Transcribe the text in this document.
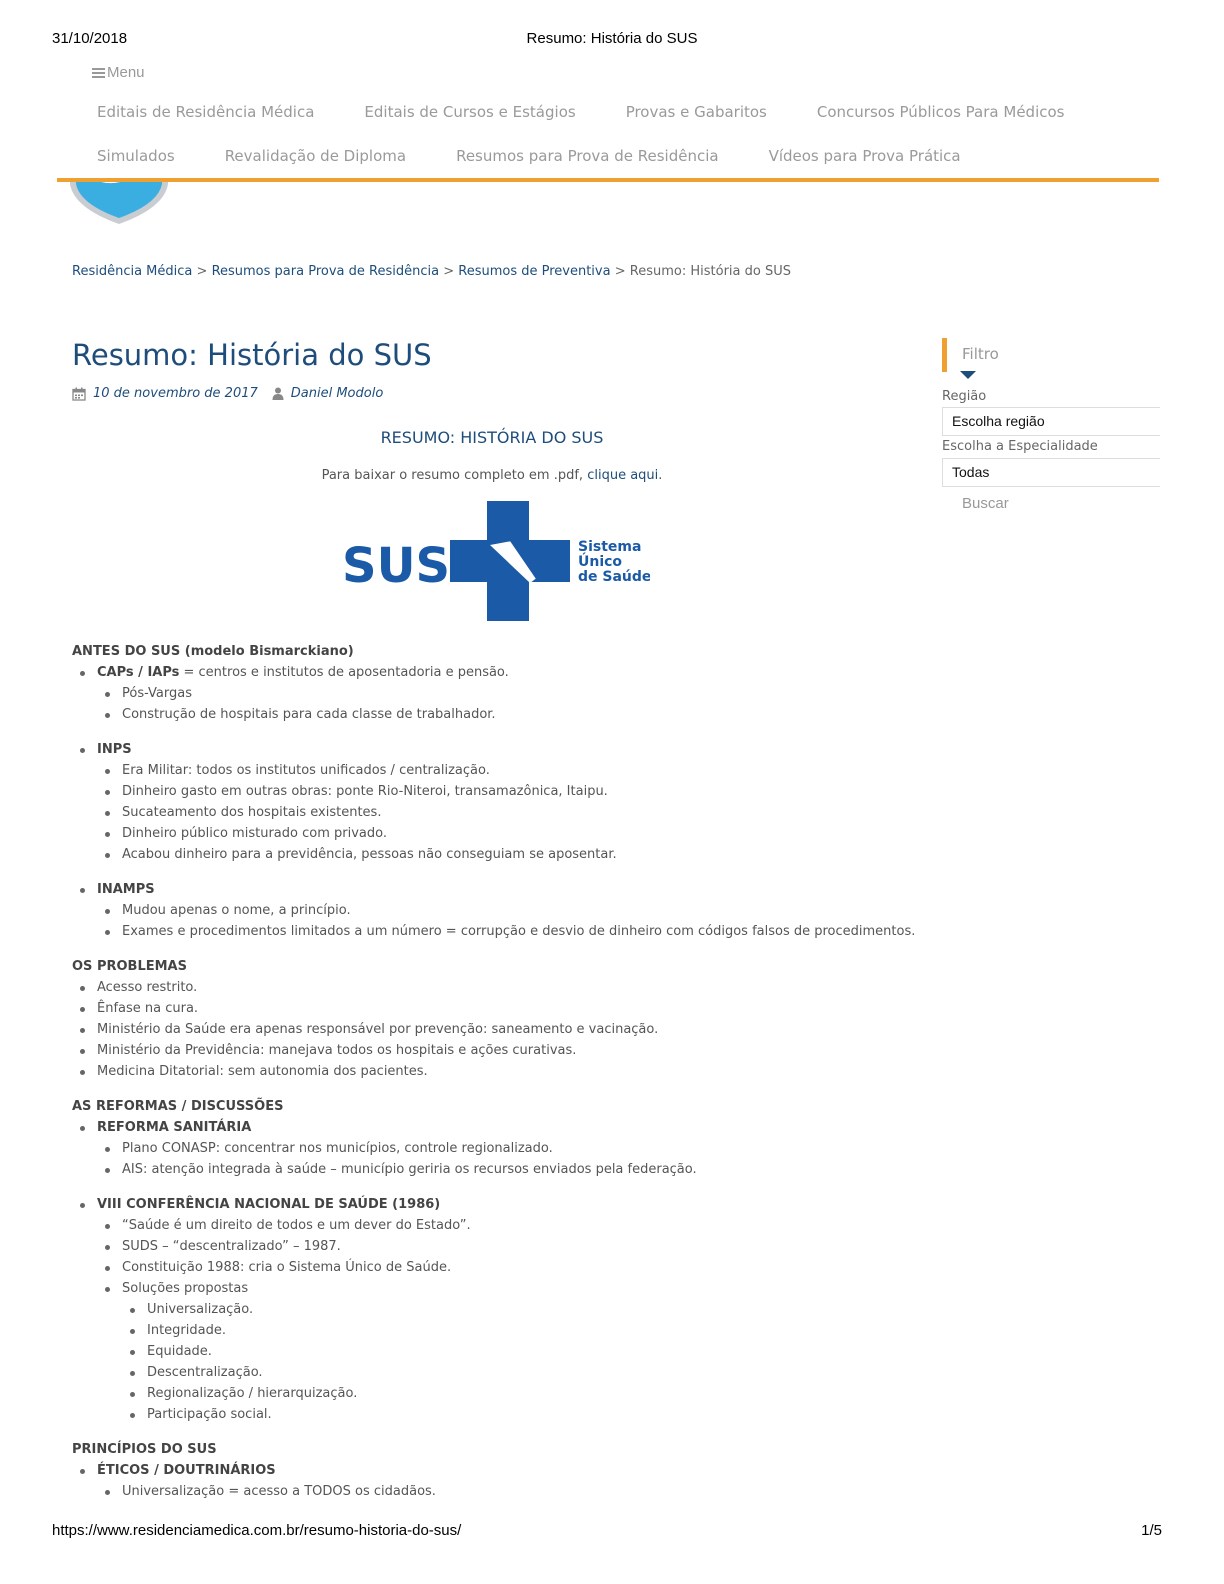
31/10/2018	Resumo: História do SUS
https://www.residenciamedica.com.br/resumo-historia-do-sus/	1/5
Menu
Editais de Residência Médica	Editais de Cursos e Estágios	Provas e Gabaritos	Concursos Públicos Para Médicos
Simulados	Revalidação de Diploma	Resumos para Prova de Residência	Vídeos para Prova Prática
Residência Médica > Resumos para Prova de Residência > Resumos de Preventiva > Resumo: História do SUS
Resumo: História do SUS
10 de novembro de 2017	Daniel Modolo
RESUMO: HISTÓRIA DO SUS
Para baixar o resumo completo em .pdf, clique aqui.
SUS	Sistema
Único
de Saúde
ANTES DO SUS (modelo Bismarckiano)
CAPs / IAPs = centros e institutos de aposentadoria e pensão.
Pós-Vargas
Construção de hospitais para cada classe de trabalhador.
INPS
Era Militar: todos os institutos unificados / centralização.
Dinheiro gasto em outras obras: ponte Rio-Niteroi, transamazônica, Itaipu.
Sucateamento dos hospitais existentes.
Dinheiro público misturado com privado.
Acabou dinheiro para a previdência, pessoas não conseguiam se aposentar.
INAMPS
Mudou apenas o nome, a princípio.
Exames e procedimentos limitados a um número = corrupção e desvio de dinheiro com códigos falsos de procedimentos.
OS PROBLEMAS
Acesso restrito.
Ênfase na cura.
Ministério da Saúde era apenas responsável por prevenção: saneamento e vacinação.
Ministério da Previdência: manejava todos os hospitais e ações curativas.
Medicina Ditatorial: sem autonomia dos pacientes.
AS REFORMAS / DISCUSSÕES
REFORMA SANITÁRIA
Plano CONASP: concentrar nos municípios, controle regionalizado.
AIS: atenção integrada à saúde – município geriria os recursos enviados pela federação.
VIII CONFERÊNCIA NACIONAL DE SAÚDE (1986)
“Saúde é um direito de todos e um dever do Estado”.
SUDS – “descentralizado” – 1987.
Constituição 1988: cria o Sistema Único de Saúde.
Soluções propostas
Universalização.
Integridade.
Equidade.
Descentralização.
Regionalização / hierarquização.
Participação social.
PRINCÍPIOS DO SUS
ÉTICOS / DOUTRINÁRIOS
Universalização = acesso a TODOS os cidadãos.
Filtro
Região
Escolha região
Escolha a Especialidade
Todas
Buscar
